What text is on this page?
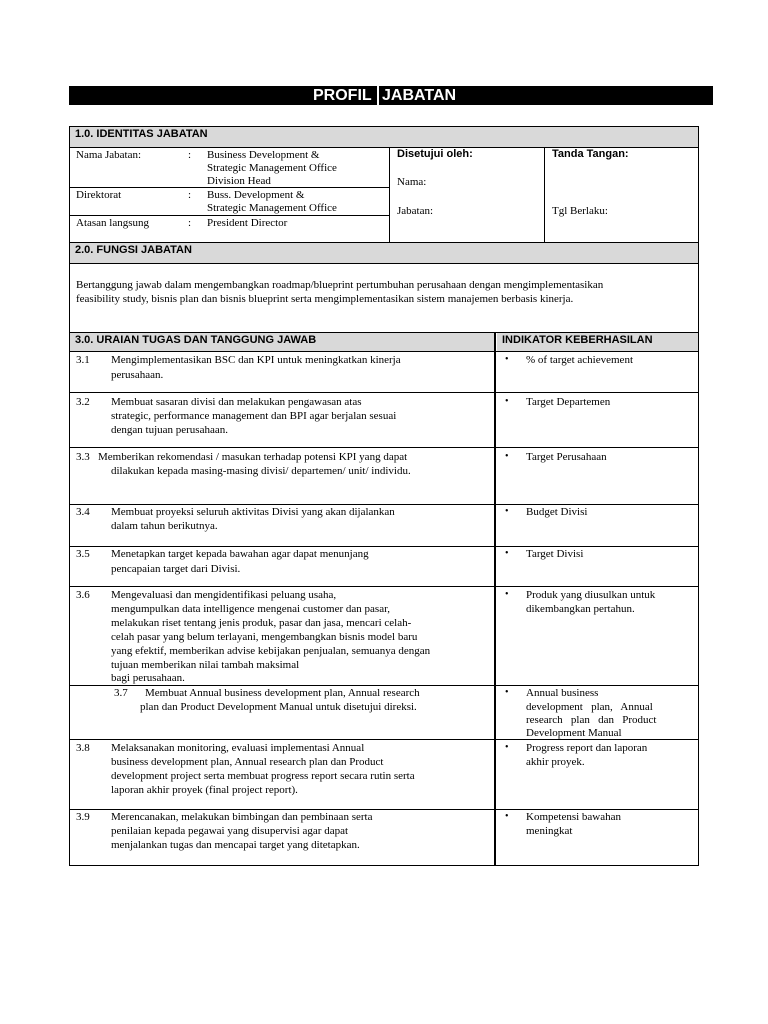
PROFIL JABATAN
1.0. IDENTITAS JABATAN
Nama Jabatan:	: Business Development &
Strategic Management Office
Division Head
Direktorat	: Buss. Development &
Strategic Management Office
Atasan langsung	: President Director
Disetujui oleh:
Nama:
Jabatan:
Tanda Tangan:
Tgl Berlaku:
2.0. FUNGSI JABATAN
Bertanggung jawab dalam mengembangkan roadmap/blueprint pertumbuhan perusahaan dengan mengimplementasikan
feasibility study, bisnis plan dan bisnis blueprint serta mengimplementasikan sistem manajemen berbasis kinerja.
3.0. URAIAN TUGAS DAN TANGGUNG JAWAB	INDIKATOR KEBERHASILAN
3.1 Mengimplementasikan BSC dan KPI untuk meningkatkan kinerja
perusahaan.
• % of target achievement
3.2 Membuat sasaran divisi dan melakukan pengawasan atas
strategic, performance management dan BPI agar berjalan sesuai
dengan tujuan perusahaan.
• Target Departemen
3.3 Memberikan rekomendasi / masukan terhadap potensi KPI yang dapat
dilakukan kepada masing-masing divisi/ departemen/ unit/ individu.
• Target Perusahaan
3.4 Membuat proyeksi seluruh aktivitas Divisi yang akan dijalankan
dalam tahun berikutnya.
• Budget Divisi
3.5 Menetapkan target kepada bawahan agar dapat menunjang
pencapaian target dari Divisi.
• Target Divisi
3.6 Mengevaluasi dan mengidentifikasi peluang usaha,
mengumpulkan data intelligence mengenai customer dan pasar,
melakukan riset tentang jenis produk, pasar dan jasa, mencari celah-
celah pasar yang belum terlayani, mengembangkan bisnis model baru
yang efektif, memberikan advise kebijakan penjualan, semuanya dengan
tujuan memberikan nilai tambah maksimal
bagi perusahaan.
• Produk yang diusulkan untuk
dikembangkan pertahun.
3.7 Membuat Annual business development plan, Annual research
plan dan Product Development Manual untuk disetujui direksi.
• Annual business
development   plan,   Annual
research   plan   dan   Product
Development Manual
3.8 Melaksanakan monitoring, evaluasi implementasi Annual
business development plan, Annual research plan dan Product
development project serta membuat progress report secara rutin serta
laporan akhir proyek (final project report).
• Progress report dan laporan
akhir proyek.
3.9 Merencanakan, melakukan bimbingan dan pembinaan serta
penilaian kepada pegawai yang disupervisi agar dapat
menjalankan tugas dan mencapai target yang ditetapkan.
• Kompetensi bawahan
meningkat
